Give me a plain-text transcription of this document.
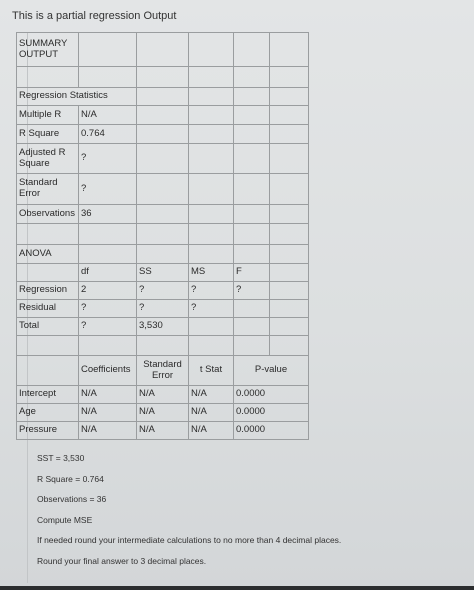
This is a partial regression Output
SUMMARY OUTPUT					

Regression Statistics					
Multiple R	N/A				
R Square	0.764				
Adjusted R Square	?				
Standard Error	?				
Observations	36				

ANOVA					
	df	SS	MS	F	
Regression	2	?	?	?	
Residual	?	?	?		
Total	?	3,530			

	Coefficients	Standard Error	t Stat	P-value	
Intercept	N/A	N/A	N/A	0.0000	
Age	N/A	N/A	N/A	0.0000	
Pressure	N/A	N/A	N/A	0.0000	
SST = 3,530
R Square = 0.764
Observations = 36
Compute MSE
If needed round your intermediate calculations to no more than 4 decimal places.
Round your final answer to 3 decimal places.
